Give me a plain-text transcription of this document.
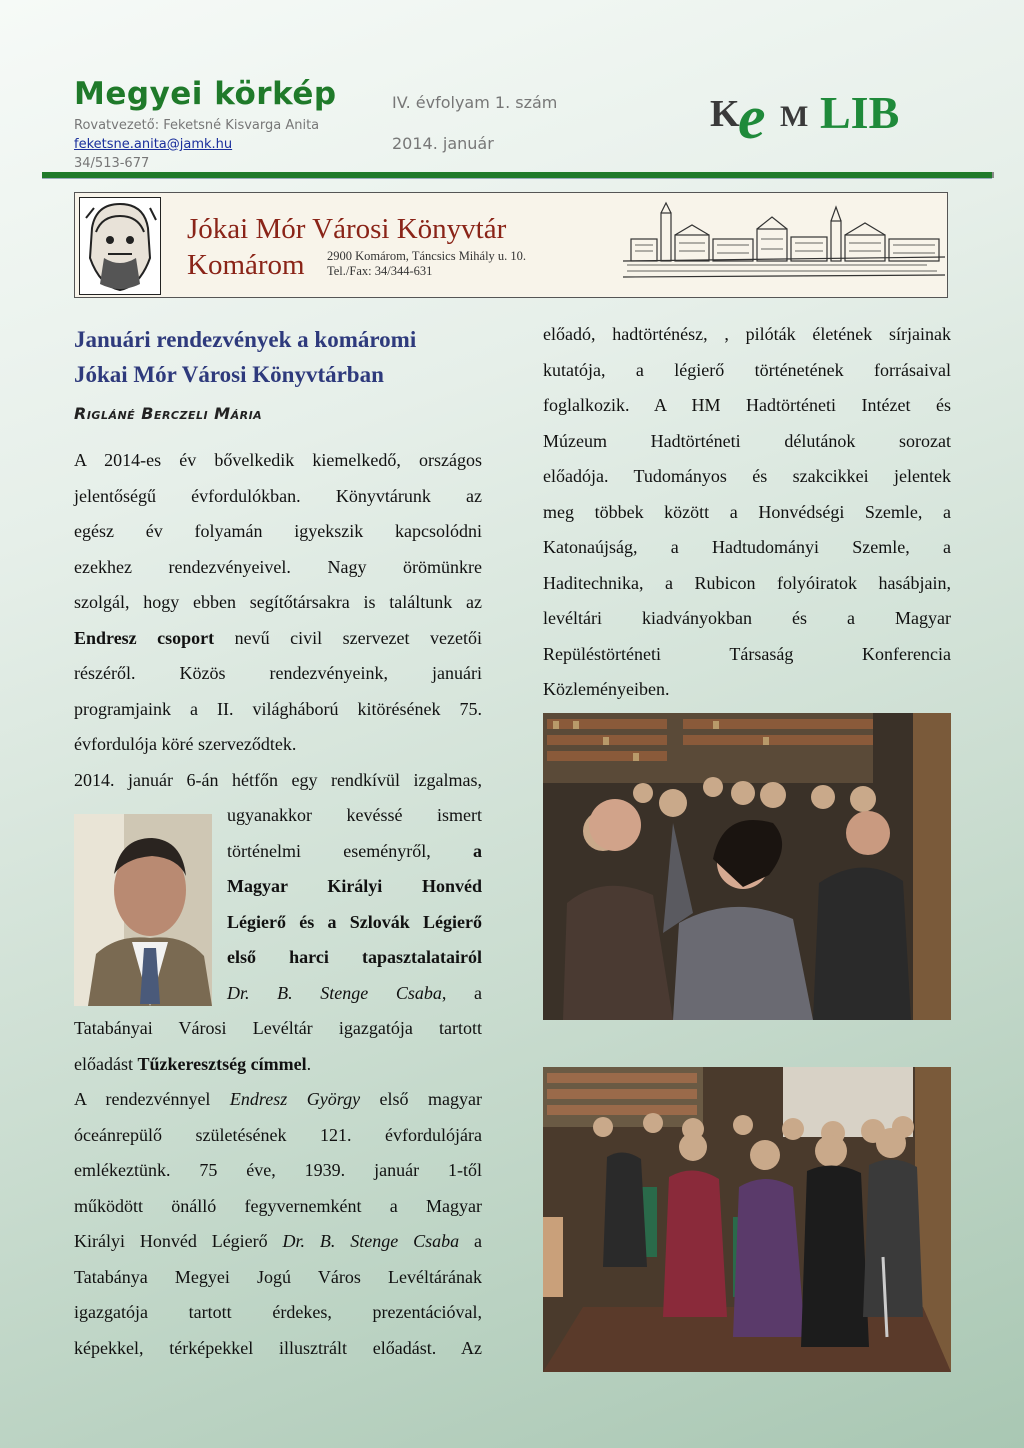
Megyei körkép
Rovatvezető: Feketsné Kisvarga Anita
feketsne.anita@jamk.hu
34/513-677
IV. évfolyam 1. szám
2014. január
K
e M LIB
Jókai Mór Városi Könyvtár
Komárom 2900 Komárom, Táncsics Mihály u. 10.
Tel./Fax: 34/344-631
Januári rendezvények a komáromi
Jókai Mór Városi Könyvtárban
Rigláné Berczeli Mária

A 2014-es év bővelkedik kiemelkedő, országos

jelentőségű évfordulókban. Könyvtárunk az

egész év folyamán igyekszik kapcsolódni

ezekhez rendezvényeivel. Nagy örömünkre

szolgál, hogy ebben segítőtársakra is találtunk az

Endresz csoport nevű civil szervezet vezetői

részéről. Közös rendezvényeink, januári

programjaink a II. világháború kitörésének 75.

évfordulója köré szerveződtek.

2014. január 6-án hétfőn egy rendkívül izgalmas,

ugyanakkor kevéssé ismert

történelmi eseményről, a

Magyar Királyi Honvéd

Légierő és a Szlovák Légierő

első harci tapasztalatairól

Dr. B. Stenge Csaba, a

Tatabányai Városi Levéltár igazgatója tartott

előadást Tűzkeresztség címmel.

A rendezvénnyel Endresz György első magyar

óceánrepülő születésének 121. évfordulójára

emlékeztünk. 75 éve, 1939. január 1-től

működött önálló fegyvernemként a Magyar

Királyi Honvéd Légierő Dr. B. Stenge Csaba a

Tatabánya Megyei Jogú Város Levéltárának

igazgatója tartott érdekes, prezentációval,

képekkel, térképekkel illusztrált előadást. Az

előadó, hadtörténész, , pilóták életének sírjainak

kutatója, a légierő történetének forrásaival

foglalkozik. A HM Hadtörténeti Intézet és

Múzeum Hadtörténeti délutánok sorozat

előadója. Tudományos és szakcikkei jelentek

meg többek között a Honvédségi Szemle, a

Katonaújság, a Hadtudományi Szemle, a

Haditechnika, a Rubicon folyóiratok hasábjain,

levéltári kiadványokban és a Magyar

Repüléstörténeti Társaság Konferencia

Közleményeiben.
